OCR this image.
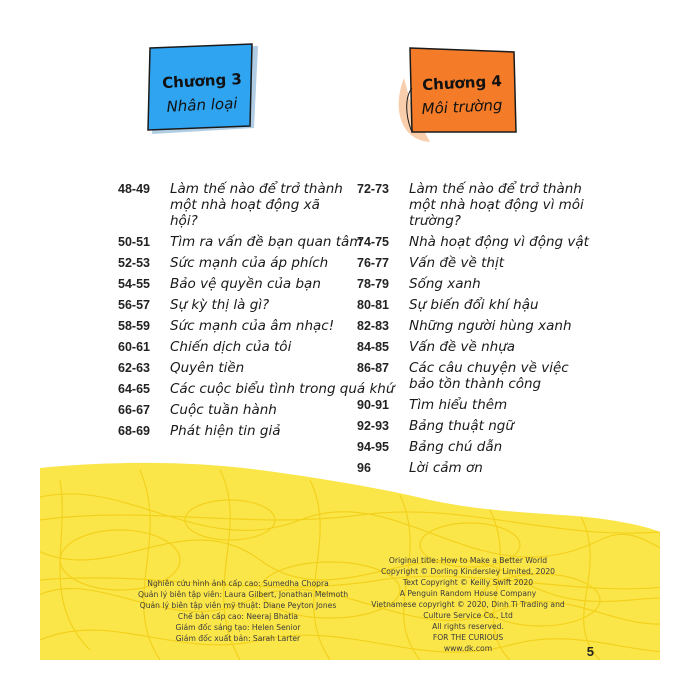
Chương 3
Nhân loại
Chương 4
Môi trường
48-49	Làm thế nào để trở thành một nhà hoạt động xã hội?
50-51	Tìm ra vấn đề bạn quan tâm
52-53	Sức mạnh của áp phích
54-55	Bảo vệ quyền của bạn
56-57	Sự kỳ thị là gì?
58-59	Sức mạnh của âm nhạc!
60-61	Chiến dịch của tôi
62-63	Quyên tiền
64-65	Các cuộc biểu tình trong quá khứ
66-67	Cuộc tuần hành
68-69	Phát hiện tin giả
72-73	Làm thế nào để trở thành một nhà hoạt động vì môi trường?
74-75	Nhà hoạt động vì động vật
76-77	Vấn đề về thịt
78-79	Sống xanh
80-81	Sự biến đổi khí hậu
82-83	Những người hùng xanh
84-85	Vấn đề về nhựa
86-87	Các câu chuyện về việc bảo tồn thành công
90-91	Tìm hiểu thêm
92-93	Bảng thuật ngữ
94-95	Bảng chú dẫn
96	Lời cảm ơn
Nghiên cứu hình ảnh cấp cao: Sumedha Chopra
Quản lý biên tập viên: Laura Gilbert, Jonathan Melmoth
Quản lý biên tập viên mỹ thuật: Diane Peyton Jones
Chế bản cấp cao: Neeraj Bhatia
Giám đốc sáng tạo: Helen Senior
Giám đốc xuất bản: Sarah Larter
Original title: How to Make a Better World
Copyright © Dorling Kindersley Limited, 2020
Text Copyright © Keilly Swift 2020
A Penguin Random House Company
Vietnamese copyright © 2020, Dinh Ti Trading and
Culture Service Co., Ltd
All rights reserved.
FOR THE CURIOUS
www.dk.com	5
